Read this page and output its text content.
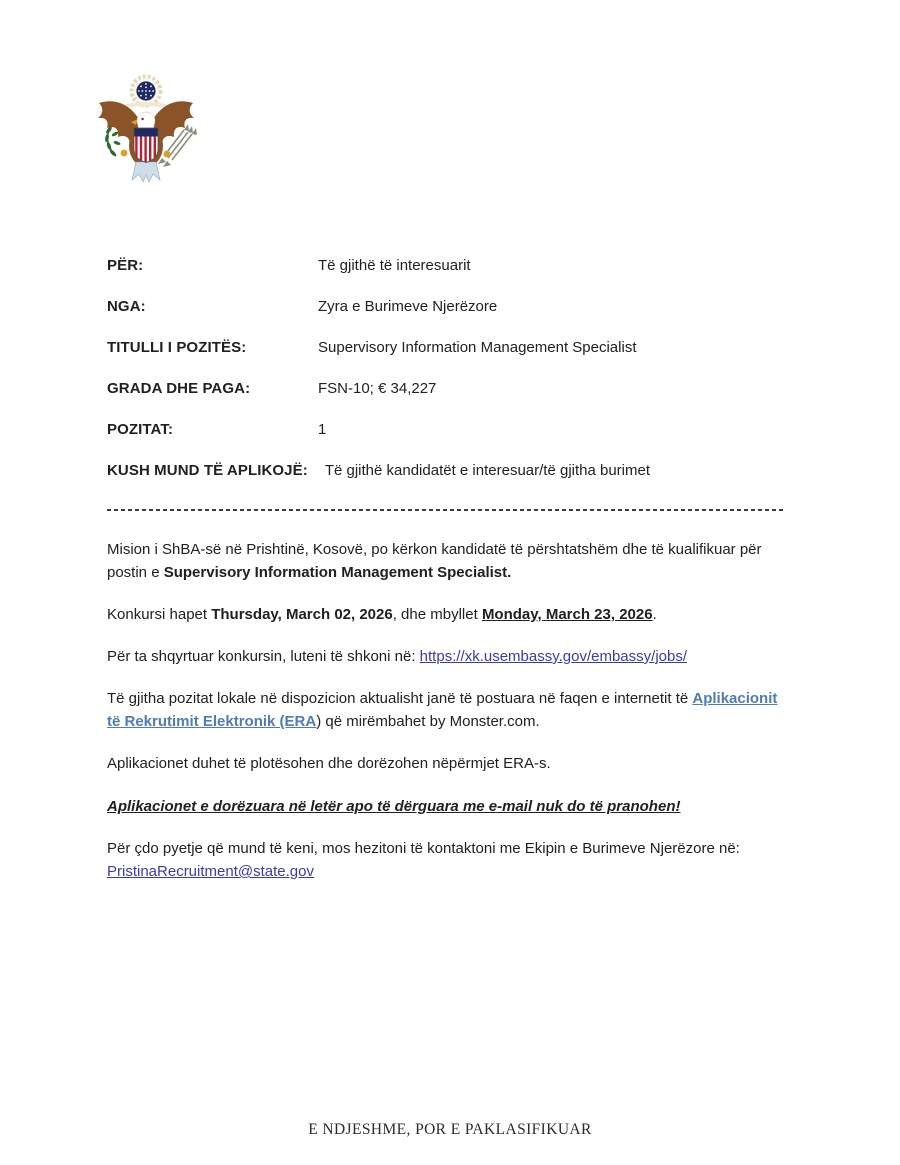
PËR:	Të gjithë të interesuarit
NGA:	Zyra e Burimeve Njerëzore
TITULLI I POZITËS:	Supervisory Information Management Specialist
GRADA DHE PAGA:	FSN-10; € 34,227
POZITAT:	1
KUSH MUND TË APLIKOJË: Të gjithë kandidatët e interesuar/të gjitha burimet

Mision i ShBA-së në Prishtinë, Kosovë, po kërkon kandidatë të përshtatshëm dhe të kualifikuar për postin e Supervisory Information Management Specialist.

Konkursi hapet Thursday, March 02, 2026, dhe mbyllet Monday, March 23, 2026.

Për ta shqyrtuar konkursin, luteni të shkoni në: https://xk.usembassy.gov/embassy/jobs/

Të gjitha pozitat lokale në dispozicion aktualisht janë të postuara në faqen e internetit të Aplikacionit të Rekrutimit Elektronik (ERA) që mirëmbahet by Monster.com.

Aplikacionet duhet të plotësohen dhe dorëzohen nëpërmjet ERA-s.

Aplikacionet e dorëzuara në letër apo të dërguara me e-mail nuk do të pranohen!

Për çdo pyetje që mund të keni, mos hezitoni të kontaktoni me Ekipin e Burimeve Njerëzore në: PristinaRecruitment@state.gov

E NDJESHME, POR E PAKLASIFIKUAR
